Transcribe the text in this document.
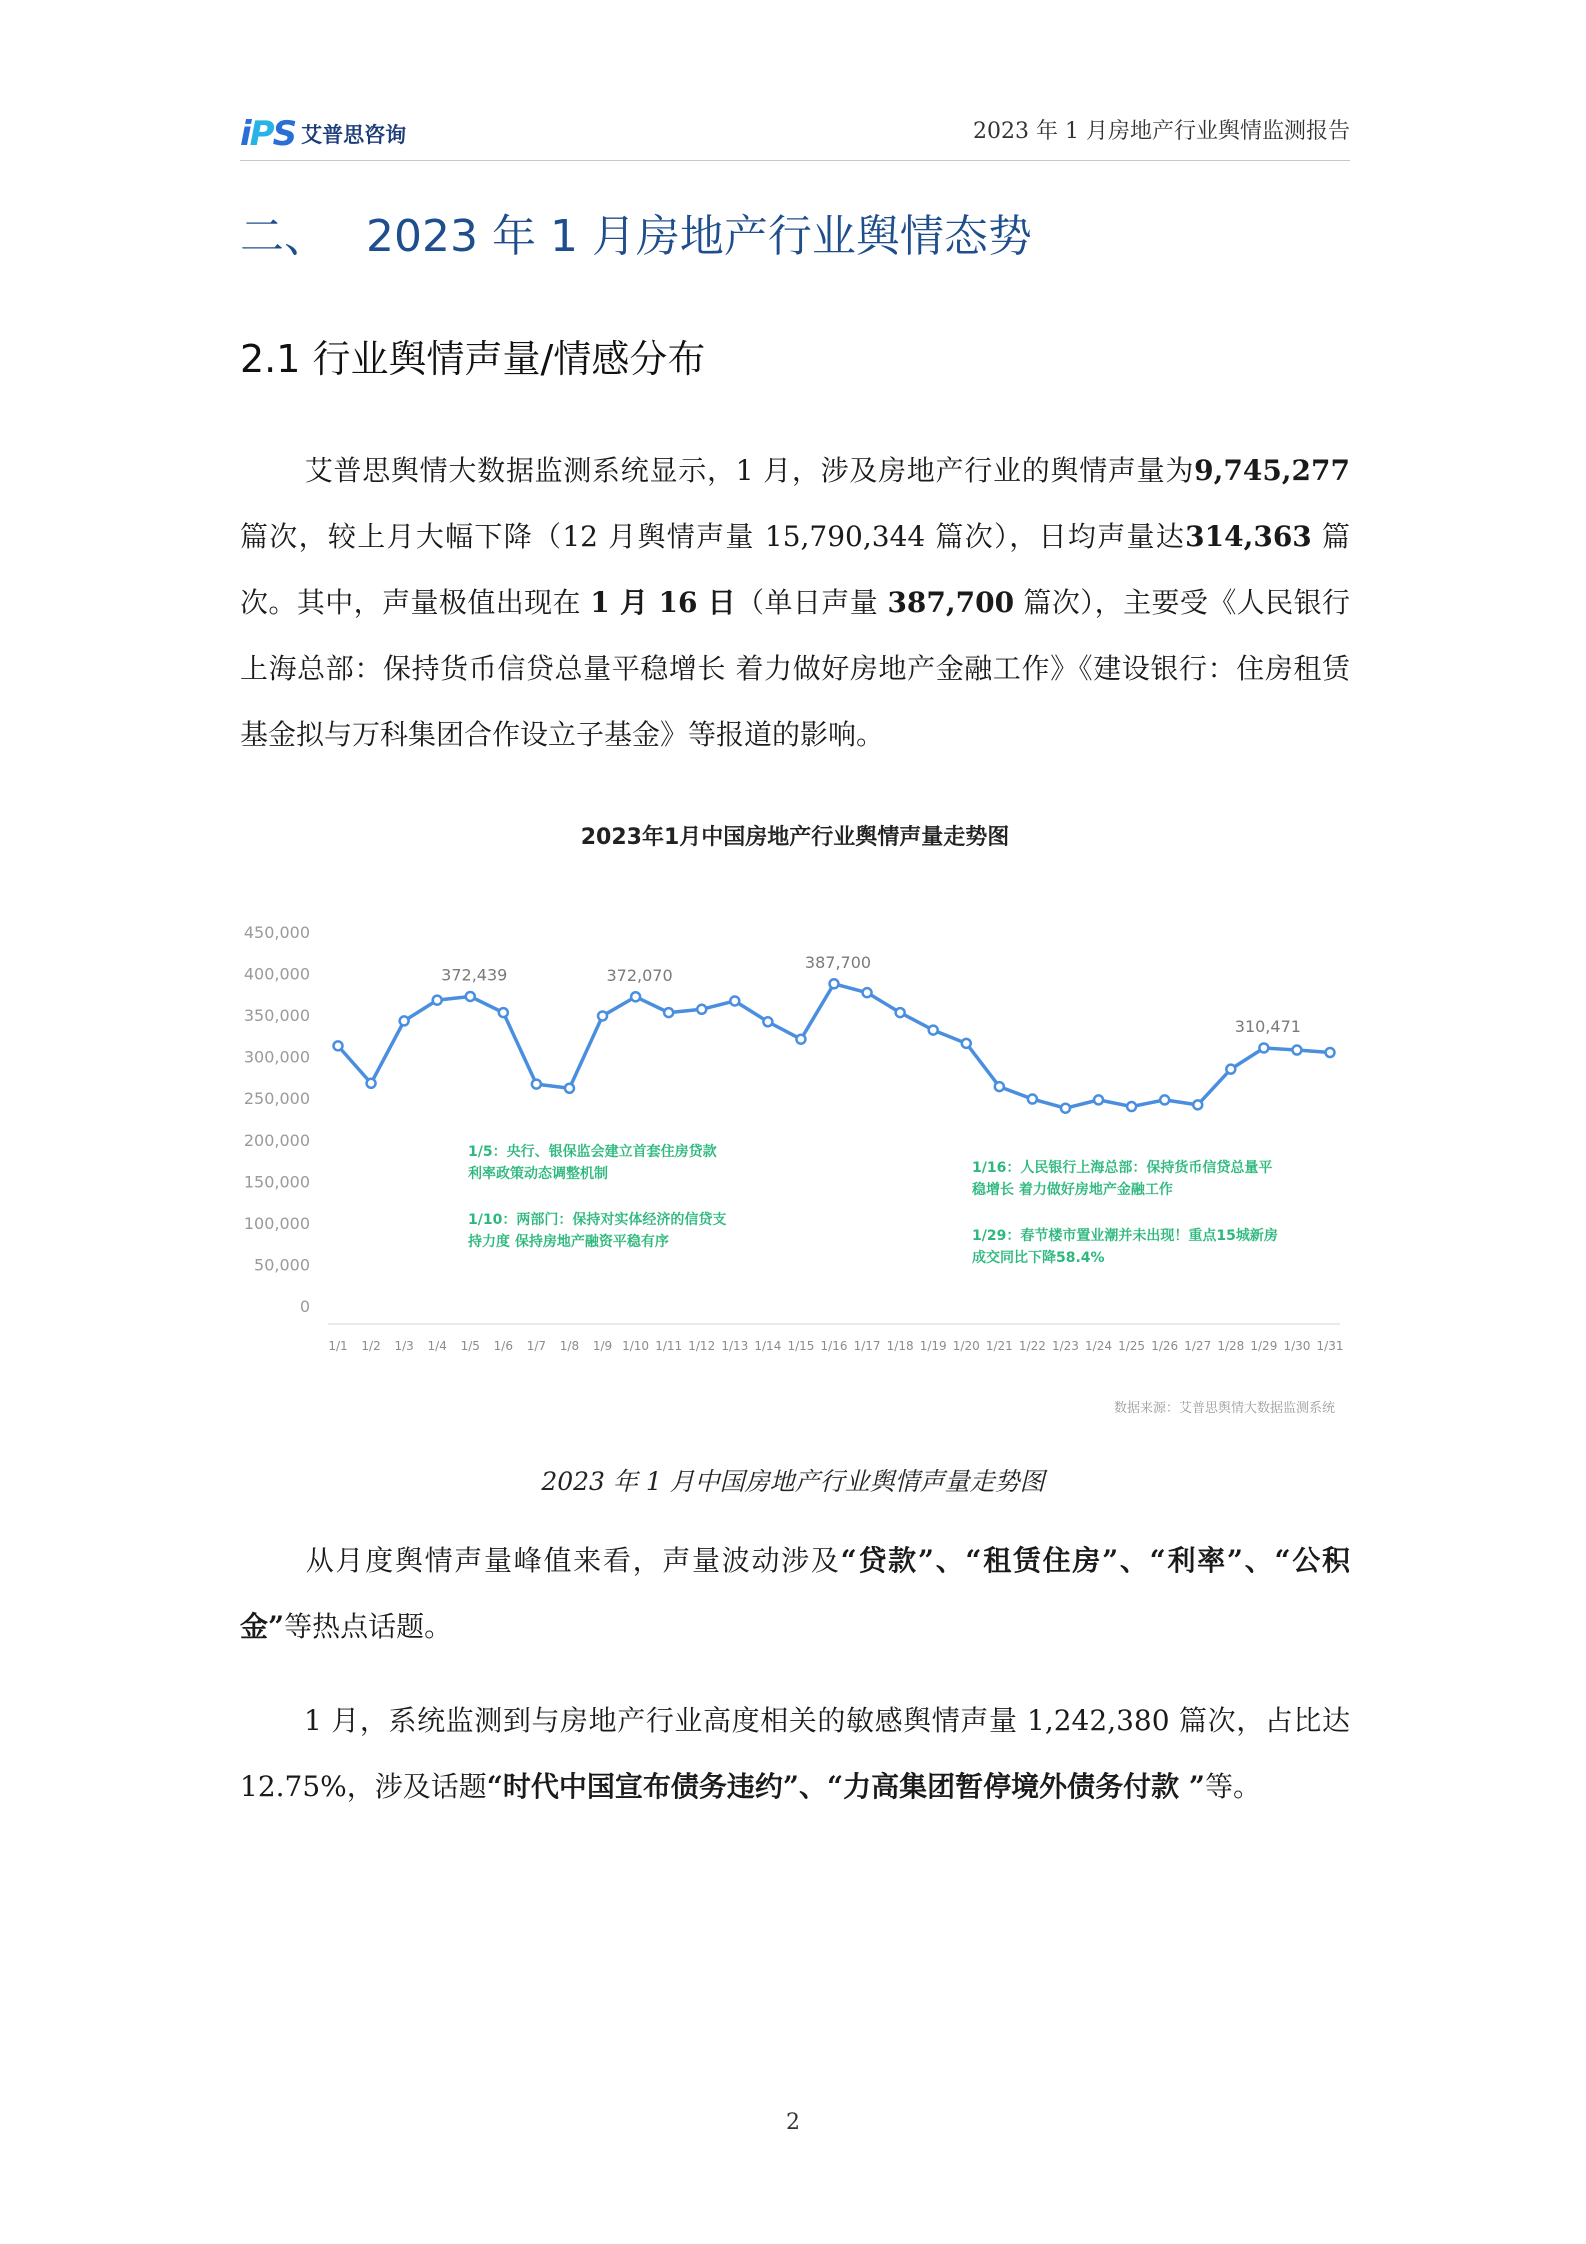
iPS 艾普思咨询	2023 年 1 月房地产行业舆情监测报告
二、 2023 年 1 月房地产行业舆情态势
2.1 行业舆情声量/情感分布

艾普思舆情大数据监测系统显示，1 月，涉及房地产行业的舆情声量为9,745,277 篇次，较上月大幅下降（12 月舆情声量 15,790,344 篇次），日均声量达314,363 篇次。其中，声量极值出现在 1 月 16 日（单日声量 387,700 篇次），主要受《人民银行上海总部：保持货币信贷总量平稳增长 着力做好房地产金融工作》《建设银行：住房租赁基金拟与万科集团合作设立子基金》等报道的影响。

2023年1月中国房地产行业舆情声量走势图
450,000
400,000
350,000
300,000
250,000
200,000
150,000
100,000
50,000
0
1/1 1/2 1/3 1/4 1/5 1/6 1/7 1/8 1/9 1/10 1/11 1/12 1/13 1/14 1/15 1/16 1/17 1/18 1/19 1/20 1/21 1/22 1/23 1/24 1/25 1/26 1/27 1/28 1/29 1/30 1/31
372,439	372,070
387,700
310,471
1/5：央行、银保监会建立首套住房贷款
利率政策动态调整机制
1/10：两部门：保持对实体经济的信贷支
持力度 保持房地产融资平稳有序
1/16：人民银行上海总部：保持货币信贷总量平
稳增长 着力做好房地产金融工作
1/29：春节楼市置业潮并未出现！重点15城新房
成交同比下降58.4%
数据来源：艾普思舆情大数据监测系统
2023 年 1 月中国房地产行业舆情声量走势图

从月度舆情声量峰值来看，声量波动涉及“贷款”、“租赁住房”、“利率”、“公积金”等热点话题。

1 月，系统监测到与房地产行业高度相关的敏感舆情声量 1,242,380 篇次，占比达 12.75%，涉及话题“时代中国宣布债务违约”、“力高集团暂停境外债务付款 ”等。

2
